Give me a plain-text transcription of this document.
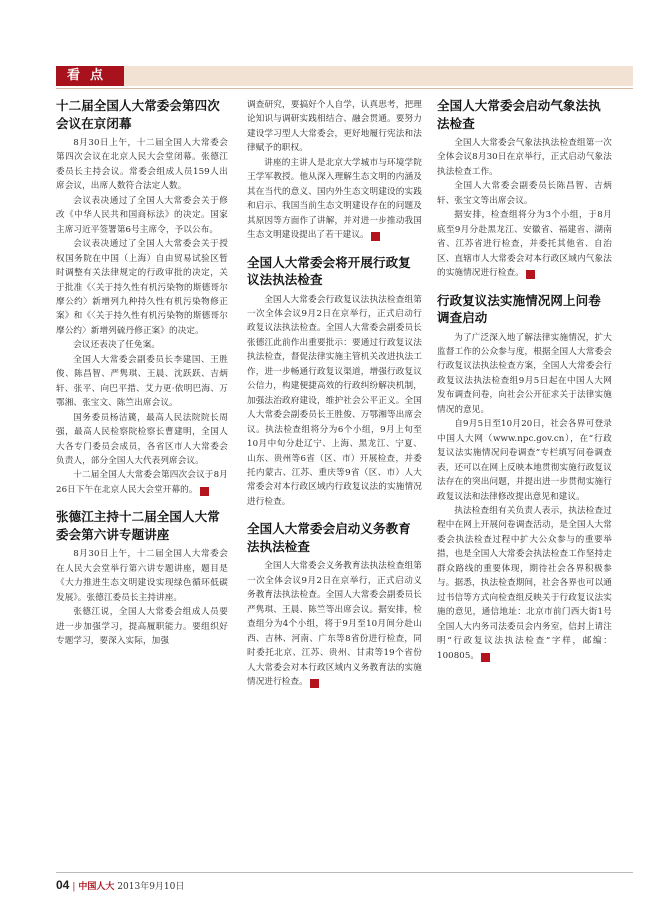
看点
十二届全国人大常委会第四次会议在京闭幕

8月30日上午，十二届全国人大常委会第四次会议在北京人民大会堂闭幕。张德江委员长主持会议。常委会组成人员159人出席会议，出席人数符合法定人数。

会议表决通过了全国人大常委会关于修改《中华人民共和国商标法》的决定。国家主席习近平签署第6号主席令，予以公布。

会议表决通过了全国人大常委会关于授权国务院在中国（上海）自由贸易试验区暂时调整有关法律规定的行政审批的决定，关于批准《〈关于持久性有机污染物的斯德哥尔摩公约〉新增列九种持久性有机污染物修正案》和《〈关于持久性有机污染物的斯德哥尔摩公约〉新增列硫丹修正案》的决定。

会议还表决了任免案。

全国人大常委会副委员长李建国、王胜俊、陈昌智、严隽琪、王晨、沈跃跃、吉炳轩、张平、向巴平措、艾力更·依明巴海、万鄂湘、张宝文、陈竺出席会议。

国务委员杨洁篪，最高人民法院院长周强，最高人民检察院检察长曹建明，全国人大各专门委员会成员，各省区市人大常委会负责人，部分全国人大代表列席会议。

十二届全国人大常委会第四次会议于8月26日下午在北京人民大会堂开幕的。	■

张德江主持十二届全国人大常委会第六讲专题讲座

8月30日上午，十二届全国人大常委会在人民大会堂举行第六讲专题讲座，题目是《大力推进生态文明建设实现绿色循环低碳发展》。张德江委员长主持讲座。

张德江说，全国人大常委会组成人员要进一步加强学习，提高履职能力。要组织好专题学习，要深入实际，加强

调查研究，要搞好个人自学，认真思考，把理论知识与调研实践相结合、融会贯通。要努力建设学习型人大常委会，更好地履行宪法和法律赋予的职权。

讲座的主讲人是北京大学城市与环境学院王学军教授。他从深入理解生态文明的内涵及其在当代的意义、国内外生态文明建设的实践和启示、我国当前生态文明建设存在的问题及其原因等方面作了讲解，并对进一步推动我国生态文明建设提出了若干建议。	■

全国人大常委会将开展行政复议法执法检查

全国人大常委会行政复议法执法检查组第一次全体会议9月2日在京举行，正式启动行政复议法执法检查。全国人大常委会副委员长张德江此前作出重要批示：要通过行政复议法执法检查，督促法律实施主管机关改进执法工作，进一步畅通行政复议渠道，增强行政复议公信力，构建便捷高效的行政纠纷解决机制，加强法治政府建设，维护社会公平正义。全国人大常委会副委员长王胜俊、万鄂湘等出席会议。执法检查组将分为6个小组，9月上旬至10月中旬分赴辽宁、上海、黑龙江、宁夏、山东、贵州等6省（区、市）开展检查，并委托内蒙古、江苏、重庆等9省（区、市）人大常委会对本行政区域内行政复议法的实施情况进行检查。

全国人大常委会启动义务教育法执法检查

全国人大常委会义务教育法执法检查组第一次全体会议9月2日在京举行，正式启动义务教育法执法检查。全国人大常委会副委员长严隽琪、王晨、陈竺等出席会议。据安排，检查组分为4个小组，将于9月至10月间分赴山西、吉林、河南、广东等8省份进行检查，同时委托北京、江苏、贵州、甘肃等19个省份人大常委会对本行政区域内义务教育法的实施情况进行检查。	■

全国人大常委会启动气象法执法检查

全国人大常委会气象法执法检查组第一次全体会议8月30日在京举行，正式启动气象法执法检查工作。

全国人大常委会副委员长陈昌智、吉炳轩、张宝文等出席会议。

据安排，检查组将分为3个小组，于8月底至9月分赴黑龙江、安徽省、福建省、湖南省、江苏省进行检查，并委托其他省、自治区、直辖市人大常委会对本行政区域内气象法的实施情况进行检查。	■

行政复议法实施情况网上问卷调查启动

为了广泛深入地了解法律实施情况，扩大监督工作的公众参与度，根据全国人大常委会行政复议法执法检查方案，全国人大常委会行政复议法执法检查组9月5日起在中国人大网发布调查问卷，向社会公开征求关于法律实施情况的意见。

自9月5日至10月20日，社会各界可登录中国人大网（www.npc.gov.cn），在“行政复议法实施情况问卷调查”专栏填写问卷调查表，还可以在网上反映本地贯彻实施行政复议法存在的突出问题，并提出进一步贯彻实施行政复议法和法律修改提出意见和建议。

执法检查组有关负责人表示，执法检查过程中在网上开展问卷调查活动，是全国人大常委会执法检查过程中扩大公众参与的重要举措，也是全国人大常委会执法检查工作坚持走群众路线的重要体现，期待社会各界积极参与。据悉，执法检查期间，社会各界也可以通过书信等方式向检查组反映关于行政复议法实施的意见，通信地址：北京市前门西大街1号全国人大内务司法委员会内务室，信封上请注明“行政复议法执法检查”字样，邮编：100805。	■

04 | 中国人大 2013年9月10日
